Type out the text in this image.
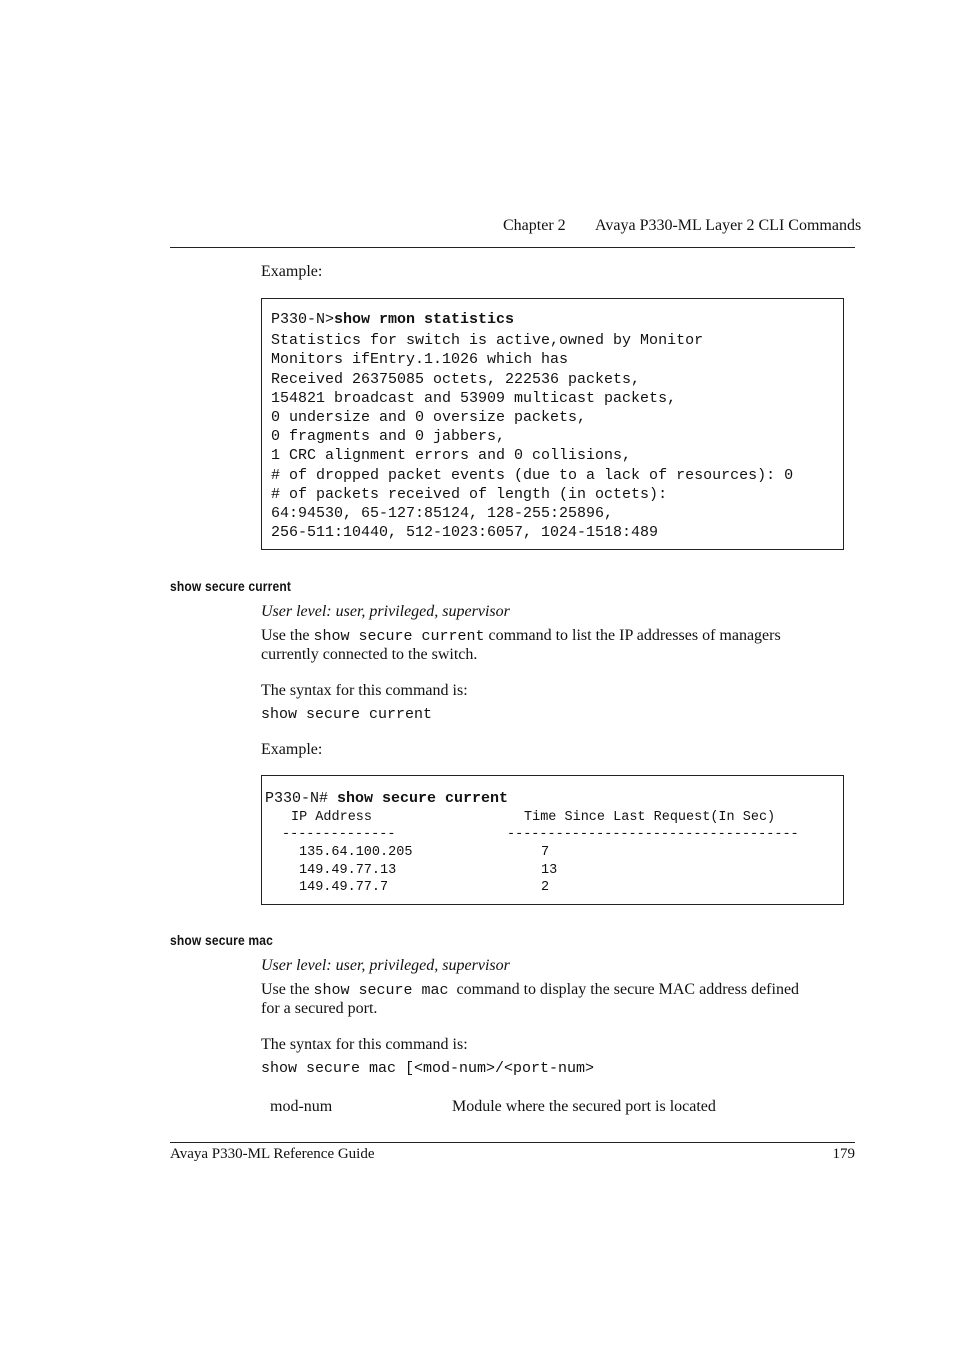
Chapter 2 Avaya P330-ML Layer 2 CLI Commands
Example:
P330-N>show rmon statistics
Statistics for switch is active,owned by Monitor
Monitors ifEntry.1.1026 which has
Received 26375085 octets, 222536 packets,
154821 broadcast and 53909 multicast packets,
0 undersize and 0 oversize packets,
0 fragments and 0 jabbers,
1 CRC alignment errors and 0 collisions,
# of dropped packet events (due to a lack of resources): 0
# of packets received of length (in octets):
64:94530, 65-127:85124, 128-255:25896,
256-511:10440, 512-1023:6057, 1024-1518:489
show secure current
User level: user, privileged, supervisor
Use the show secure current command to list the IP addresses of managers
currently connected to the switch.
The syntax for this command is:
show secure current
Example:
P330-N# show secure current
IP Address	Time Since Last Request(In Sec)
--------------	------------------------------------
135.64.100.205	7
149.49.77.13	13
149.49.77.7	2
show secure mac
User level: user, privileged, supervisor
Use the show secure mac  command to display the secure MAC address defined
for a secured port.
The syntax for this command is:
show secure mac [<mod-num>/<port-num>
mod-num	Module where the secured port is located
Avaya P330-ML Reference Guide	179
